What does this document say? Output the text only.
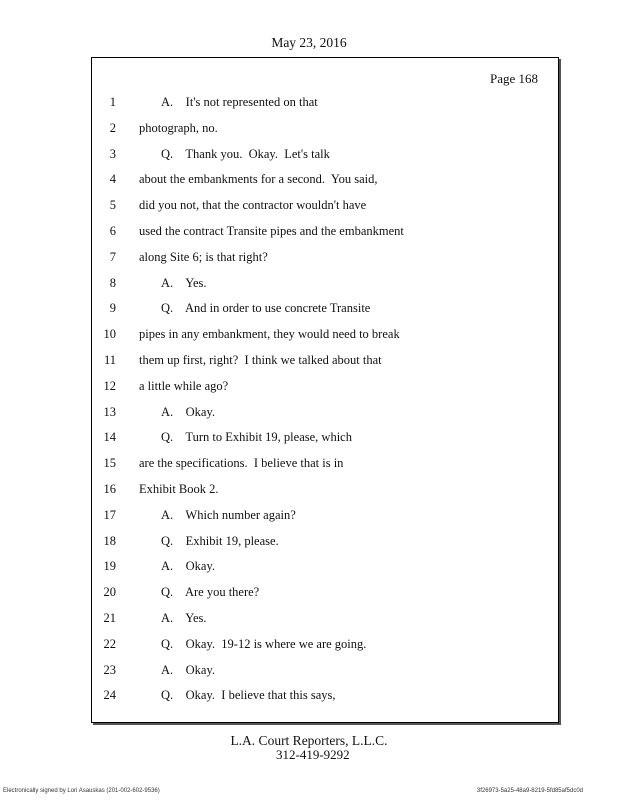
May 23, 2016
Page 168
1	A.    It's not represented on that
2 photograph, no.
3	Q.    Thank you.  Okay.  Let's talk
4 about the embankments for a second.  You said,
5 did you not, that the contractor wouldn't have
6 used the contract Transite pipes and the embankment
7 along Site 6; is that right?
8	A.    Yes.
9	Q.    And in order to use concrete Transite
10 pipes in any embankment, they would need to break
11 them up first, right?  I think we talked about that
12 a little while ago?
13	A.    Okay.
14	Q.    Turn to Exhibit 19, please, which
15 are the specifications.  I believe that is in
16 Exhibit Book 2.
17	A.    Which number again?
18	Q.    Exhibit 19, please.
19	A.    Okay.
20	Q.    Are you there?
21	A.    Yes.
22	Q.    Okay.  19-12 is where we are going.
23	A.    Okay.
24	Q.    Okay.  I believe that this says,
L.A. Court Reporters, L.L.C.
312-419-9292
Electronically signed by Lori Asauskas (201-002-602-9536)	3f26973-5a25-48a9-8219-5fd85af5dc0d
